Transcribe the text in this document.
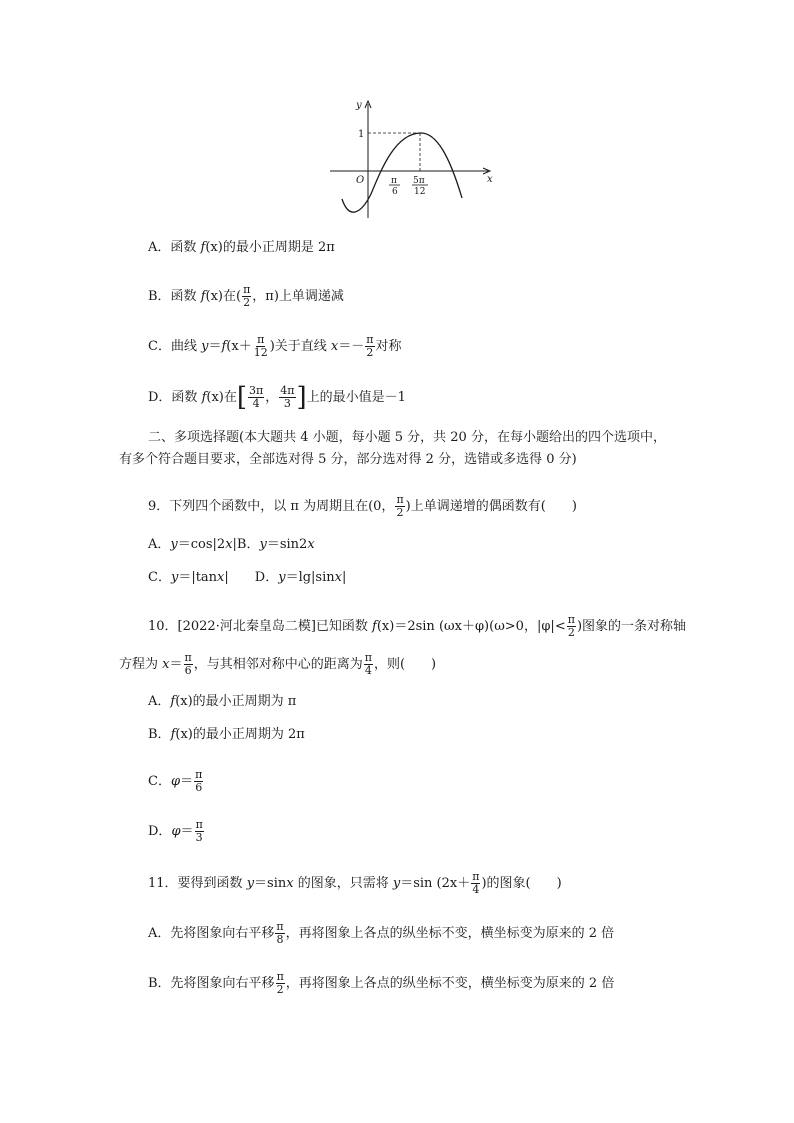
y
x
O
1
π
6
5π
12
A．函数 f(x)的最小正周期是 2π
B．函数 f(x)在( $\frac{\pi}{2}$ ，π)上单调递减
C．曲线 $y=f(x+ \frac{\pi}{12}$ )关于直线 $x=- \frac{\pi}{2}$ 对称
D．函数 f(x)在[ $\frac{3\pi}{4}$ ， $\frac{4\pi}{3}$ ]上的最小值是－1
二、多项选择题(本大题共 4 小题，每小题 5 分，共 20 分，在每小题给出的四个选项中，
有多个符合题目要求，全部选对得 5 分，部分选对得 2 分，选错或多选得 0 分)
9．下列四个函数中，以 π 为周期且在(0， $\frac{\pi}{2}$ )上单调递增的偶函数有(　　)
A．y＝cos|2x|B．y＝sin2x
C．y＝|tanx|　　D．y＝lg|sinx|
10．[2022·河北秦皇岛二模]已知函数 f(x)＝2sin (ωx＋φ)(ω>0，$|\varphi|< \frac{\pi}{2}$ )图象的一条对称轴
方程为 $x= \frac{\pi}{6}$ ，与其相邻对称中心的距离为 $\frac{\pi}{4}$ ，则(　　)
A．f(x)的最小正周期为 π
B．f(x)的最小正周期为 2π
C．$\varphi= \frac{\pi}{6}$
D．$\varphi= \frac{\pi}{3}$
11．要得到函数 y＝sinx 的图象，只需将 y＝sin ($2x+ \frac{\pi}{4}$ )的图象(　　)
A．先将图象向右平移 $\frac{\pi}{8}$ ，再将图象上各点的纵坐标不变，横坐标变为原来的 2 倍
B．先将图象向右平移 $\frac{\pi}{2}$ ，再将图象上各点的纵坐标不变，横坐标变为原来的 2 倍
